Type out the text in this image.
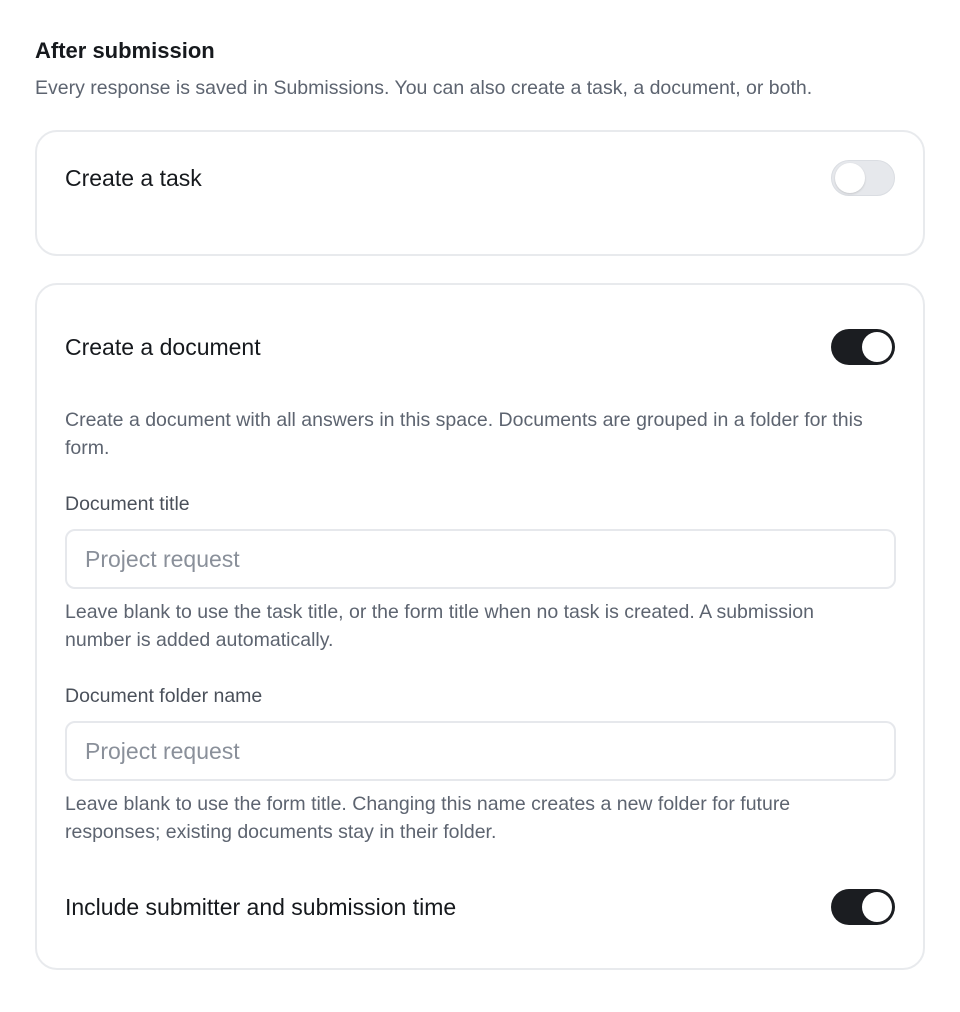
After submission

Every response is saved in Submissions. You can also create a task, a document, or both.

Create a task
Create a document

Create a document with all answers in this space. Documents are grouped in a folder for this form.

Document title
Project request

Leave blank to use the task title, or the form title when no task is created. A submission number is added automatically.

Document folder name
Project request

Leave blank to use the form title. Changing this name creates a new folder for future responses; existing documents stay in their folder.

Include submitter and submission time
